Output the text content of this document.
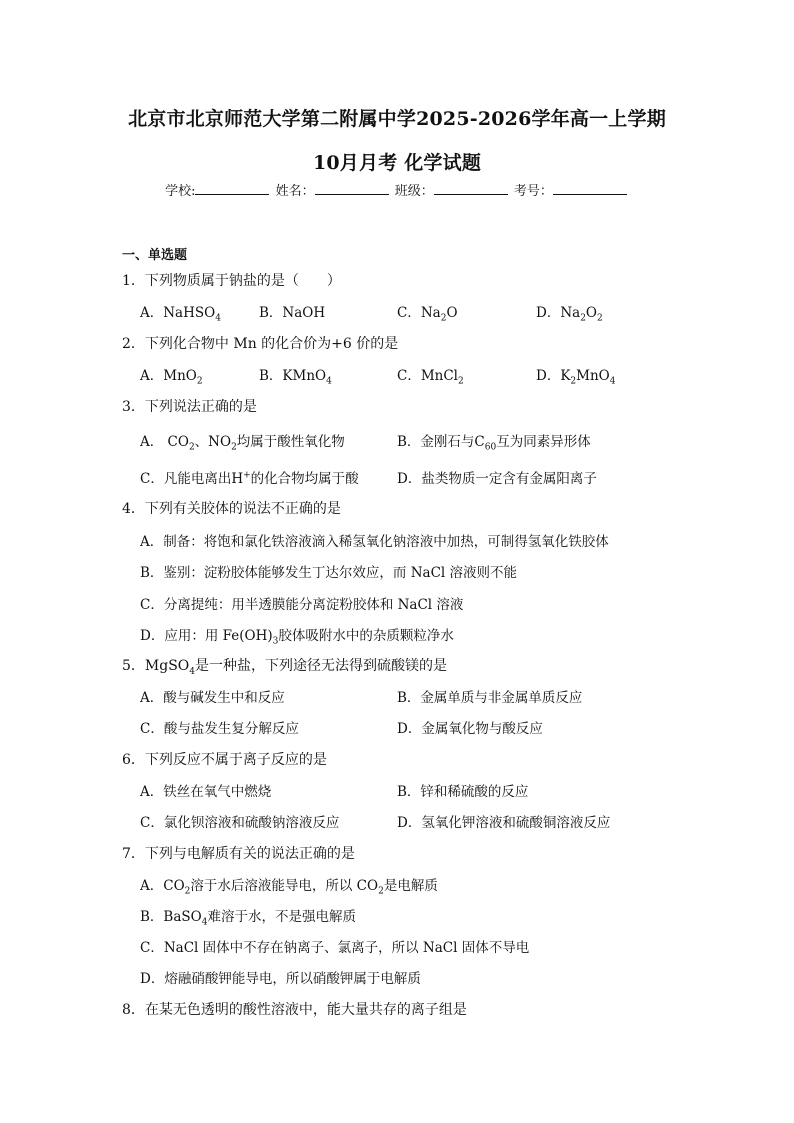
北京市北京师范大学第二附属中学2025-2026学年高一上学期
10月月考 化学试题
学校:	姓名：	班级：	考号：
一、单选题
1．下列物质属于钠盐的是（　　）
A．NaHSO$_4$	B．NaOH	C．$Na_2O$	D．$Na_2O_2$
2．下列化合物中 Mn 的化合价为+6 价的是
A．MnO$_2$	B．KMnO$_4$	C．MnCl$_2$	D．$K_2MnO_4$
3．下列说法正确的是
A． $CO_2$、$NO_2$均属于酸性氧化物	B．金刚石与$C_{60}$互为同素异形体
C．凡能电离出H+的化合物均属于酸	D．盐类物质一定含有金属阳离子
4．下列有关胶体的说法不正确的是
A．制备：将饱和氯化铁溶液滴入稀氢氧化钠溶液中加热，可制得氢氧化铁胶体
B．鉴别：淀粉胶体能够发生丁达尔效应，而 NaCl 溶液则不能
C．分离提纯：用半透膜能分离淀粉胶体和 NaCl 溶液
D．应用：用 $Fe(OH)_3$胶体吸附水中的杂质颗粒净水
5．MgSO$_4$是一种盐，下列途径无法得到硫酸镁的是
A．酸与碱发生中和反应	B．金属单质与非金属单质反应
C．酸与盐发生复分解反应	D．金属氧化物与酸反应
6．下列反应不属于离子反应的是
A．铁丝在氧气中燃烧	B．锌和稀硫酸的反应
C．氯化钡溶液和硫酸钠溶液反应	D．氢氧化钾溶液和硫酸铜溶液反应
7．下列与电解质有关的说法正确的是
A．$CO_2$溶于水后溶液能导电，所以 $CO_2$是电解质
B．BaSO$_4$难溶于水，不是强电解质
C．NaCl 固体中不存在钠离子、氯离子，所以 NaCl 固体不导电
D．熔融硝酸钾能导电，所以硝酸钾属于电解质
8．在某无色透明的酸性溶液中，能大量共存的离子组是
